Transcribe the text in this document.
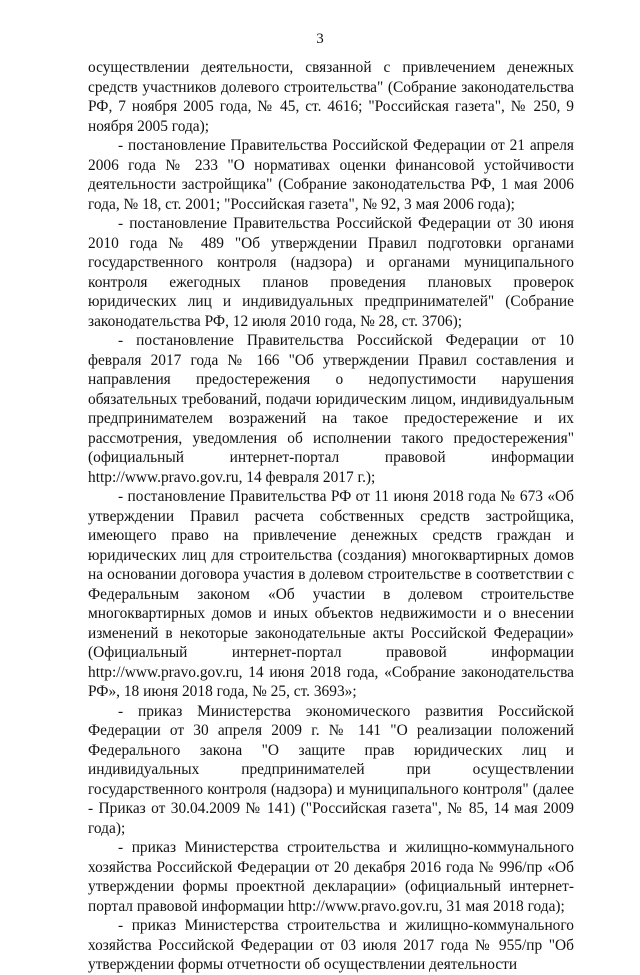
3

осуществлении деятельности, связанной с привлечением денежных средств участников долевого строительства" (Собрание законодательства РФ, 7 ноября 2005 года, № 45, ст. 4616; "Российская газета", № 250, 9 ноября 2005 года);

- постановление Правительства Российской Федерации от 21 апреля 2006 года № 233 "О нормативах оценки финансовой устойчивости деятельности застройщика" (Собрание законодательства РФ, 1 мая 2006 года, № 18, ст. 2001; "Российская газета", № 92, 3 мая 2006 года);

- постановление Правительства Российской Федерации от 30 июня 2010 года № 489 "Об утверждении Правил подготовки органами государственного контроля (надзора) и органами муниципального контроля ежегодных планов проведения плановых проверок юридических лиц и индивидуальных предпринимателей" (Собрание законодательства РФ, 12 июля 2010 года, № 28, ст. 3706);

- постановление Правительства Российской Федерации от 10 февраля 2017 года № 166 "Об утверждении Правил составления и направления предостережения о недопустимости нарушения обязательных требований, подачи юридическим лицом, индивидуальным предпринимателем возражений на такое предостережение и их рассмотрения, уведомления об исполнении такого предостережения" (официальный интернет-портал правовой информации http://www.pravo.gov.ru, 14 февраля 2017 г.);

- постановление Правительства РФ от 11 июня 2018 года № 673 «Об утверждении Правил расчета собственных средств застройщика, имеющего право на привлечение денежных средств граждан и юридических лиц для строительства (создания) многоквартирных домов на основании договора участия в долевом строительстве в соответствии с Федеральным законом «Об участии в долевом строительстве многоквартирных домов и иных объектов недвижимости и о внесении изменений в некоторые законодательные акты Российской Федерации» (Официальный интернет-портал правовой информации http://www.pravo.gov.ru, 14 июня 2018 года, «Собрание законодательства РФ», 18 июня 2018 года, № 25, ст. 3693»;

- приказ Министерства экономического развития Российской Федерации от 30 апреля 2009 г. № 141 "О реализации положений Федерального закона "О защите прав юридических лиц и индивидуальных предпринимателей при осуществлении государственного контроля (надзора) и муниципального контроля" (далее - Приказ от 30.04.2009 № 141) ("Российская газета", № 85, 14 мая 2009 года);

- приказ Министерства строительства и жилищно-коммунального хозяйства Российской Федерации от 20 декабря 2016 года № 996/пр «Об утверждении формы проектной декларации» (официальный интернет-портал правовой информации http://www.pravo.gov.ru, 31 мая 2018 года);

- приказ Министерства строительства и жилищно-коммунального хозяйства Российской Федерации от 03 июля 2017 года № 955/пр "Об утверждении формы отчетности об осуществлении деятельности
